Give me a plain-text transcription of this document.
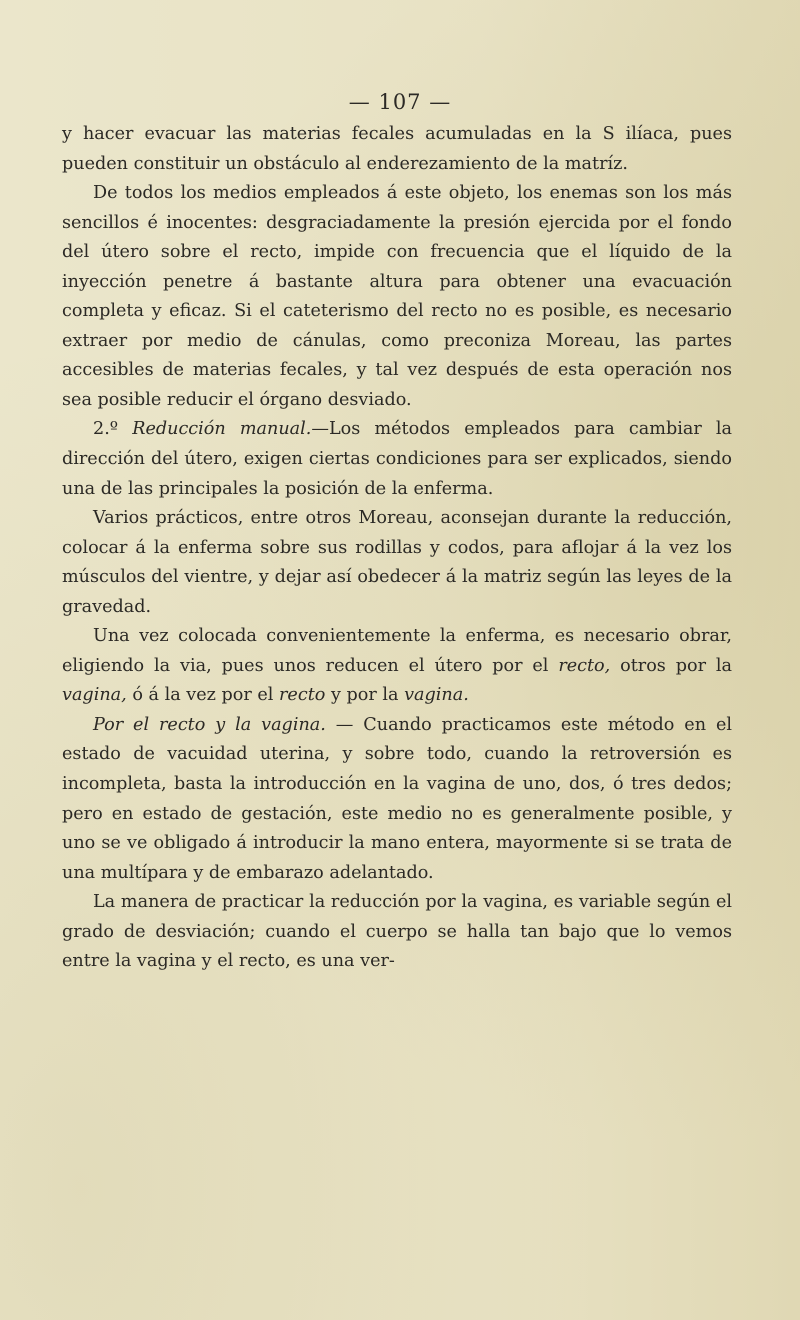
— 107 —

y hacer evacuar las materias fecales acumuladas en la S ilíaca, pues pueden constituir un obstáculo al enderezamiento de la matríz.

De todos los medios empleados á este objeto, los enemas son los más sencillos é inocentes: desgraciadamente la presión ejercida por el fondo del útero sobre el recto, impide con frecuencia que el líquido de la inyección penetre á bastante altura para obtener una evacuación completa y eficaz. Si el cateterismo del recto no es posible, es necesario extraer por medio de cánulas, como preconiza Moreau, las partes accesibles de materias fecales, y tal vez después de esta operación nos sea posible reducir el órgano desviado.

2.º Reducción manual.—Los métodos empleados para cambiar la dirección del útero, exigen ciertas condiciones para ser explicados, siendo una de las principales la posición de la enferma.

Varios prácticos, entre otros Moreau, aconsejan durante la reducción, colocar á la enferma sobre sus rodillas y codos, para aflojar á la vez los músculos del vientre, y dejar así obedecer á la matriz según las leyes de la gravedad.

Una vez colocada convenientemente la enferma, es necesario obrar, eligiendo la via, pues unos reducen el útero por el recto, otros por la vagina, ó á la vez por el recto y por la vagina.

Por el recto y la vagina. — Cuando practicamos este método en el estado de vacuidad uterina, y sobre todo, cuando la retroversión es incompleta, basta la introducción en la vagina de uno, dos, ó tres dedos; pero en estado de gestación, este medio no es generalmente posible, y uno se ve obligado á introducir la mano entera, mayormente si se trata de una multípara y de embarazo adelantado.

La manera de practicar la reducción por la vagina, es variable según el grado de desviación; cuando el cuerpo se halla tan bajo que lo vemos entre la vagina y el recto, es una ver-
